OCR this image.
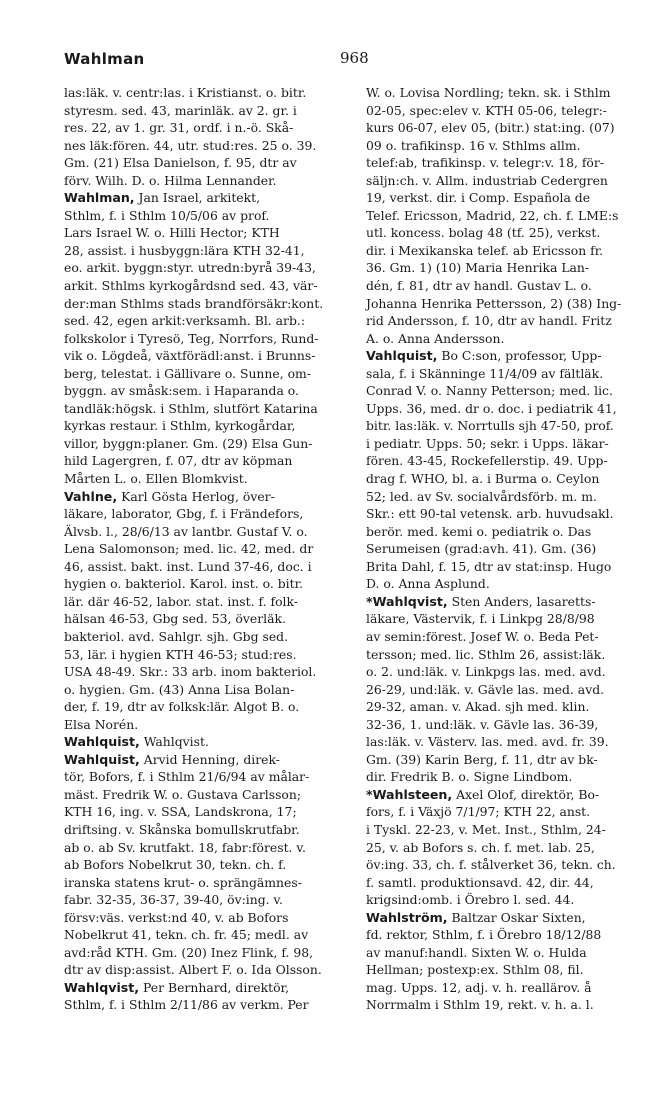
Wahlman	968
las:läk. v. centr:las. i Kristianst. o. bitr.
styresm. sed. 43, marinläk. av 2. gr. i
res. 22, av 1. gr. 31, ordf. i n.-ö. Skå-
nes läk:fören. 44, utr. stud:res. 25 o. 39.
Gm. (21) Elsa Danielson, f. 95, dtr av
förv. Wilh. D. o. Hilma Lennander.
Wahlman, Jan Israel, arkitekt,
Sthlm, f. i Sthlm 10/5/06 av prof.
Lars Israel W. o. Hilli Hector; KTH
28, assist. i husbyggn:lära KTH 32-41,
eo. arkit. byggn:styr. utredn:byrå 39-43,
arkit. Sthlms kyrkogårdsnd sed. 43, vär-
der:man Sthlms stads brandförsäkr:kont.
sed. 42, egen arkit:verksamh. Bl. arb.:
folkskolor i Tyresö, Teg, Norrfors, Rund-
vik o. Lögdeå, växtförädl:anst. i Brunns-
berg, telestat. i Gällivare o. Sunne, om-
byggn. av småsk:sem. i Haparanda o.
tandläk:högsk. i Sthlm, slutfört Katarina
kyrkas restaur. i Sthlm, kyrkogårdar,
villor, byggn:planer. Gm. (29) Elsa Gun-
hild Lagergren, f. 07, dtr av köpman
Mårten L. o. Ellen Blomkvist.
Vahlne, Karl Gösta Herlog, över-
läkare, laborator, Gbg, f. i Frändefors,
Älvsb. l., 28/6/13 av lantbr. Gustaf V. o.
Lena Salomonson; med. lic. 42, med. dr
46, assist. bakt. inst. Lund 37-46, doc. i
hygien o. bakteriol. Karol. inst. o. bitr.
lär. där 46-52, labor. stat. inst. f. folk-
hälsan 46-53, Gbg sed. 53, överläk.
bakteriol. avd. Sahlgr. sjh. Gbg sed.
53, lär. i hygien KTH 46-53; stud:res.
USA 48-49. Skr.: 33 arb. inom bakteriol.
o. hygien. Gm. (43) Anna Lisa Bolan-
der, f. 19, dtr av folksk:lär. Algot B. o.
Elsa Norén.
Wahlquist, Wahlqvist.
Wahlquist, Arvid Henning, direk-
tör, Bofors, f. i Sthlm 21/6/94 av målar-
mäst. Fredrik W. o. Gustava Carlsson;
KTH 16, ing. v. SSA, Landskrona, 17;
driftsing. v. Skånska bomullskrutfabr.
ab o. ab Sv. krutfakt. 18, fabr:förest. v.
ab Bofors Nobelkrut 30, tekn. ch. f.
iranska statens krut- o. sprängämnes-
fabr. 32-35, 36-37, 39-40, öv:ing. v.
försv:väs. verkst:nd 40, v. ab Bofors
Nobelkrut 41, tekn. ch. fr. 45; medl. av
avd:råd KTH. Gm. (20) Inez Flink, f. 98,
dtr av disp:assist. Albert F. o. Ida Olsson.
Wahlqvist, Per Bernhard, direktör,
Sthlm, f. i Sthlm 2/11/86 av verkm. Per
W. o. Lovisa Nordling; tekn. sk. i Sthlm
02-05, spec:elev v. KTH 05-06, telegr:-
kurs 06-07, elev 05, (bitr.) stat:ing. (07)
09 o. trafikinsp. 16 v. Sthlms allm.
telef:ab, trafikinsp. v. telegr:v. 18, för-
säljn:ch. v. Allm. industriab Cedergren
19, verkst. dir. i Comp. Española de
Telef. Ericsson, Madrid, 22, ch. f. LME:s
utl. koncess. bolag 48 (tf. 25), verkst.
dir. i Mexikanska telef. ab Ericsson fr.
36. Gm. 1) (10) Maria Henrika Lan-
dén, f. 81, dtr av handl. Gustav L. o.
Johanna Henrika Pettersson, 2) (38) Ing-
rid Andersson, f. 10, dtr av handl. Fritz
A. o. Anna Andersson.
Vahlquist, Bo C:son, professor, Upp-
sala, f. i Skänninge 11/4/09 av fältläk.
Conrad V. o. Nanny Petterson; med. lic.
Upps. 36, med. dr o. doc. i pediatrik 41,
bitr. las:läk. v. Norrtulls sjh 47-50, prof.
i pediatr. Upps. 50; sekr. i Upps. läkar-
fören. 43-45, Rockefellerstip. 49. Upp-
drag f. WHO, bl. a. i Burma o. Ceylon
52; led. av Sv. socialvårdsförb. m. m.
Skr.: ett 90-tal vetensk. arb. huvudsakl.
berör. med. kemi o. pediatrik o. Das
Serumeisen (grad:avh. 41). Gm. (36)
Brita Dahl, f. 15, dtr av stat:insp. Hugo
D. o. Anna Asplund.
*Wahlqvist, Sten Anders, lasaretts-
läkare, Västervik, f. i Linkpg 28/8/98
av semin:förest. Josef W. o. Beda Pet-
tersson; med. lic. Sthlm 26, assist:läk.
o. 2. und:läk. v. Linkpgs las. med. avd.
26-29, und:läk. v. Gävle las. med. avd.
29-32, aman. v. Akad. sjh med. klin.
32-36, 1. und:läk. v. Gävle las. 36-39,
las:läk. v. Västerv. las. med. avd. fr. 39.
Gm. (39) Karin Berg, f. 11, dtr av bk-
dir. Fredrik B. o. Signe Lindbom.
*Wahlsteen, Axel Olof, direktör, Bo-
fors, f. i Växjö 7/1/97; KTH 22, anst.
i Tyskl. 22-23, v. Met. Inst., Sthlm, 24-
25, v. ab Bofors s. ch. f. met. lab. 25,
öv:ing. 33, ch. f. stålverket 36, tekn. ch.
f. samtl. produktionsavd. 42, dir. 44,
krigsind:omb. i Örebro l. sed. 44.
Wahlström, Baltzar Oskar Sixten,
fd. rektor, Sthlm, f. i Örebro 18/12/88
av manuf:handl. Sixten W. o. Hulda
Hellman; postexp:ex. Sthlm 08, fil.
mag. Upps. 12, adj. v. h. reallärov. å
Norrmalm i Sthlm 19, rekt. v. h. a. l.
